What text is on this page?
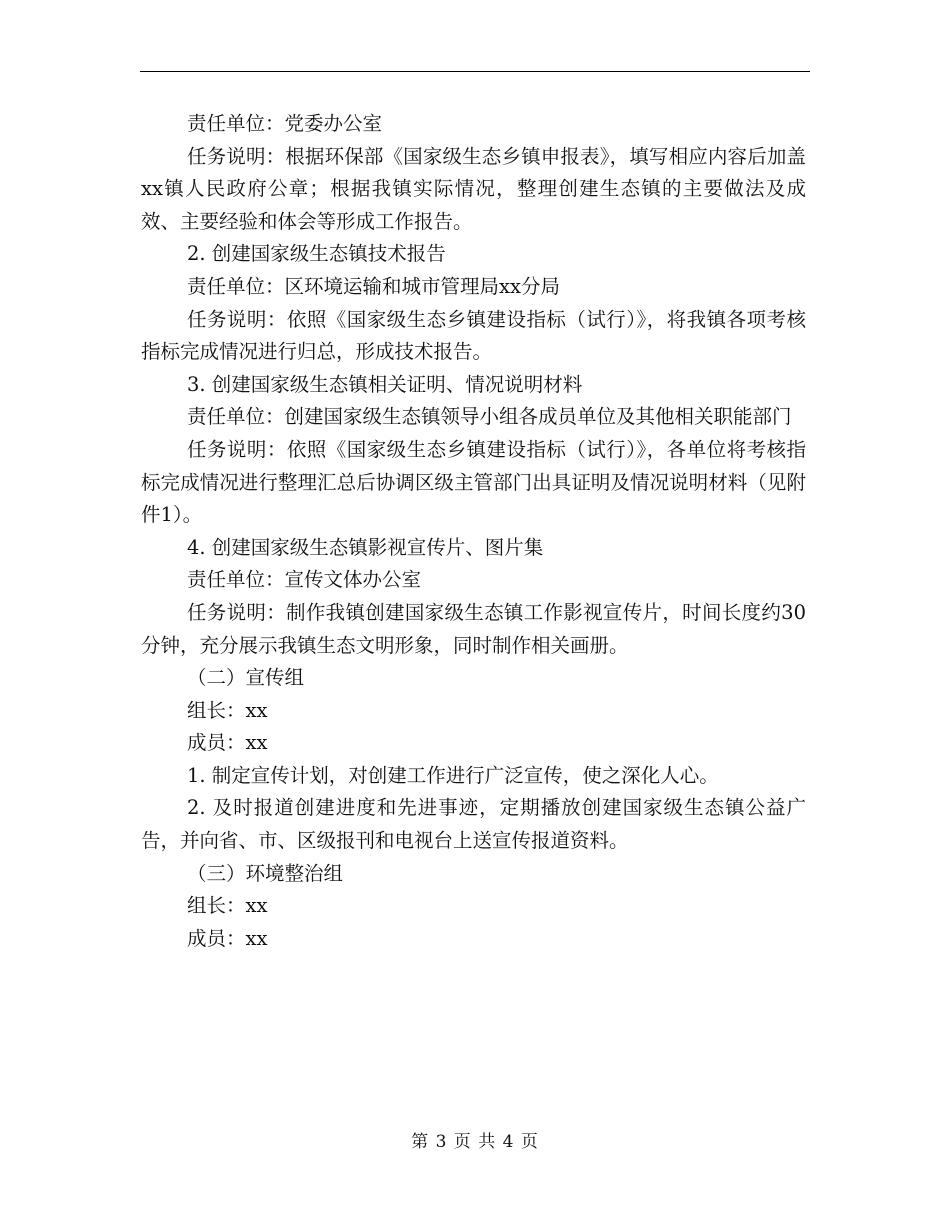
责任单位：党委办公室

任务说明：根据环保部《国家级生态乡镇申报表》，填写相应内容后加盖xx镇人民政府公章；根据我镇实际情况，整理创建生态镇的主要做法及成效、主要经验和体会等形成工作报告。

2. 创建国家级生态镇技术报告

责任单位：区环境运输和城市管理局xx分局

任务说明：依照《国家级生态乡镇建设指标（试行）》，将我镇各项考核指标完成情况进行归总，形成技术报告。

3. 创建国家级生态镇相关证明、情况说明材料

责任单位：创建国家级生态镇领导小组各成员单位及其他相关职能部门

任务说明：依照《国家级生态乡镇建设指标（试行）》，各单位将考核指标完成情况进行整理汇总后协调区级主管部门出具证明及情况说明材料（见附件1）。

4. 创建国家级生态镇影视宣传片、图片集

责任单位：宣传文体办公室

任务说明：制作我镇创建国家级生态镇工作影视宣传片，时间长度约30分钟，充分展示我镇生态文明形象，同时制作相关画册。

（二）宣传组

组长：xx

成员：xx

1. 制定宣传计划，对创建工作进行广泛宣传，使之深化人心。

2. 及时报道创建进度和先进事迹，定期播放创建国家级生态镇公益广告，并向省、市、区级报刊和电视台上送宣传报道资料。

（三）环境整治组

组长：xx

成员：xx

第 3 页 共 4 页
